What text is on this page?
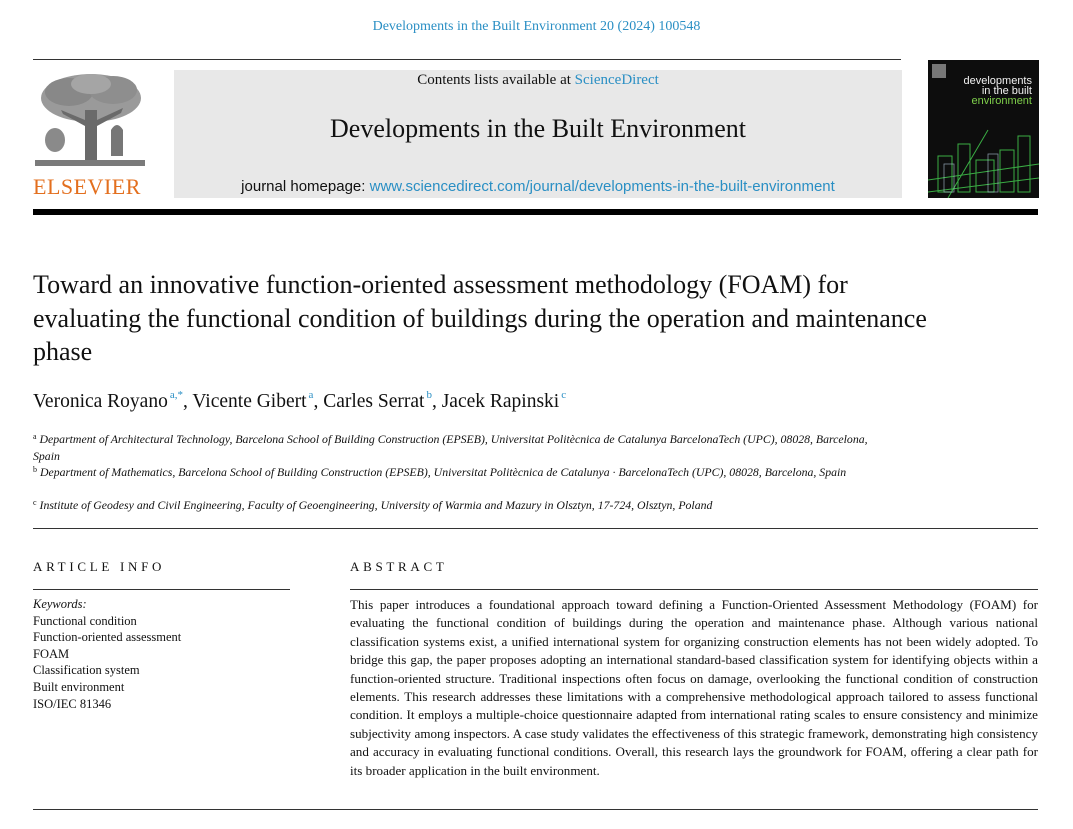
Developments in the Built Environment 20 (2024) 100548
ELSEVIER
Contents lists available at ScienceDirect
Developments in the Built Environment
journal homepage: www.sciencedirect.com/journal/developments-in-the-built-environment
developments
in the built
environment
Toward an innovative function-oriented assessment methodology (FOAM) for evaluating the functional condition of buildings during the operation and maintenance phase
Veronica Royano $^{a,*}$, Vicente Gibert $^a$, Carles Serrat $^b$, Jacek Rapinski $^c$
$^a$ Department of Architectural Technology, Barcelona School of Building Construction (EPSEB), Universitat Politècnica de Catalunya BarcelonaTech (UPC), 08028, Barcelona, Spain
$^b$ Department of Mathematics, Barcelona School of Building Construction (EPSEB), Universitat Politècnica de Catalunya · BarcelonaTech (UPC), 08028, Barcelona, Spain
$^c$ Institute of Geodesy and Civil Engineering, Faculty of Geoengineering, University of Warmia and Mazury in Olsztyn, 17-724, Olsztyn, Poland
ARTICLE INFO
Keywords:
Functional condition
Function-oriented assessment
FOAM
Classification system
Built environment
ISO/IEC 81346
ABSTRACT
This paper introduces a foundational approach toward defining a Function-Oriented Assessment Methodology (FOAM) for evaluating the functional condition of buildings during the operation and maintenance phase. Although various national classification systems exist, a unified international system for organizing construction elements has not been widely adopted. To bridge this gap, the paper proposes adopting an international standard-based classification system for identifying objects within a function-oriented structure. Traditional inspections often focus on damage, overlooking the functional condition of construction elements. This research addresses these limitations with a comprehensive methodological approach tailored to assess functional condition. It employs a multiple-choice questionnaire adapted from international rating scales to ensure consistency and minimize subjectivity among inspectors. A case study validates the effectiveness of this strategic framework, demonstrating high consistency and accuracy in evaluating functional conditions. Overall, this research lays the groundwork for FOAM, offering a clear path for its broader application in the built environment.
